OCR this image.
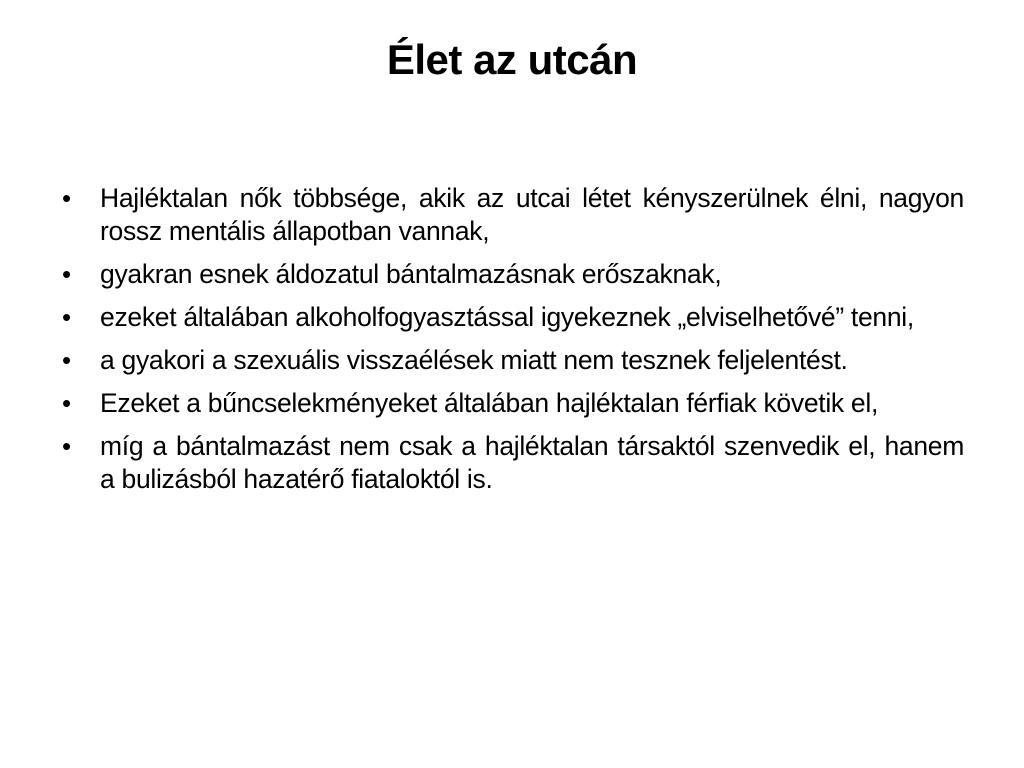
Élet az utcán
•	Hajléktalan nők többsége, akik az utcai létet kényszerülnek élni, nagyon rossz mentális állapotban vannak,
•	gyakran esnek áldozatul bántalmazásnak erőszaknak,
•	ezeket általában alkoholfogyasztással igyekeznek „elviselhetővé” tenni,
•	a gyakori a szexuális visszaélések miatt nem tesznek feljelentést.
•	Ezeket a bűncselekményeket általában hajléktalan férfiak követik el,
•	míg a bántalmazást nem csak a hajléktalan társaktól szenvedik el, hanem a bulizásból hazatérő fiataloktól is.
